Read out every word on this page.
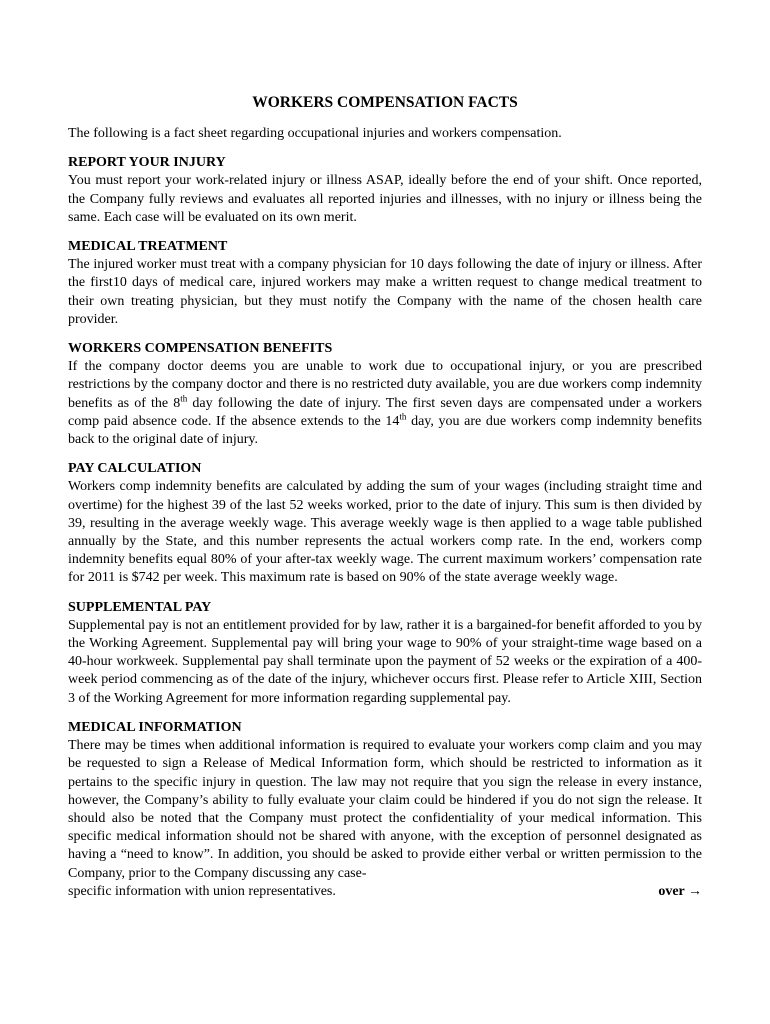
WORKERS COMPENSATION FACTS
The following is a fact sheet regarding occupational injuries and workers compensation.
REPORT YOUR INJURY
You must report your work-related injury or illness ASAP, ideally before the end of your shift. Once reported, the Company fully reviews and evaluates all reported injuries and illnesses, with no injury or illness being the same. Each case will be evaluated on its own merit.
MEDICAL TREATMENT
The injured worker must treat with a company physician for 10 days following the date of injury or illness. After the first10 days of medical care, injured workers may make a written request to change medical treatment to their own treating physician, but they must notify the Company with the name of the chosen health care provider.
WORKERS COMPENSATION BENEFITS
If the company doctor deems you are unable to work due to occupational injury, or you are prescribed restrictions by the company doctor and there is no restricted duty available, you are due workers comp indemnity benefits as of the 8th day following the date of injury. The first seven days are compensated under a workers comp paid absence code. If the absence extends to the 14th day, you are due workers comp indemnity benefits back to the original date of injury.
PAY CALCULATION
Workers comp indemnity benefits are calculated by adding the sum of your wages (including straight time and overtime) for the highest 39 of the last 52 weeks worked, prior to the date of injury. This sum is then divided by 39, resulting in the average weekly wage. This average weekly wage is then applied to a wage table published annually by the State, and this number represents the actual workers comp rate. In the end, workers comp indemnity benefits equal 80% of your after-tax weekly wage. The current maximum workers’ compensation rate for 2011 is $742 per week. This maximum rate is based on 90% of the state average weekly wage.
SUPPLEMENTAL PAY
Supplemental pay is not an entitlement provided for by law, rather it is a bargained-for benefit afforded to you by the Working Agreement. Supplemental pay will bring your wage to 90% of your straight-time wage based on a 40-hour workweek. Supplemental pay shall terminate upon the payment of 52 weeks or the expiration of a 400-week period commencing as of the date of the injury, whichever occurs first. Please refer to Article XIII, Section 3 of the Working Agreement for more information regarding supplemental pay.
MEDICAL INFORMATION
There may be times when additional information is required to evaluate your workers comp claim and you may be requested to sign a Release of Medical Information form, which should be restricted to information as it pertains to the specific injury in question. The law may not require that you sign the release in every instance, however, the Company’s ability to fully evaluate your claim could be hindered if you do not sign the release. It should also be noted that the Company must protect the confidentiality of your medical information. This specific medical information should not be shared with anyone, with the exception of personnel designated as having a “need to know”. In addition, you should be asked to provide either verbal or written permission to the Company, prior to the Company discussing any case-
specific information with union representatives.	over →
